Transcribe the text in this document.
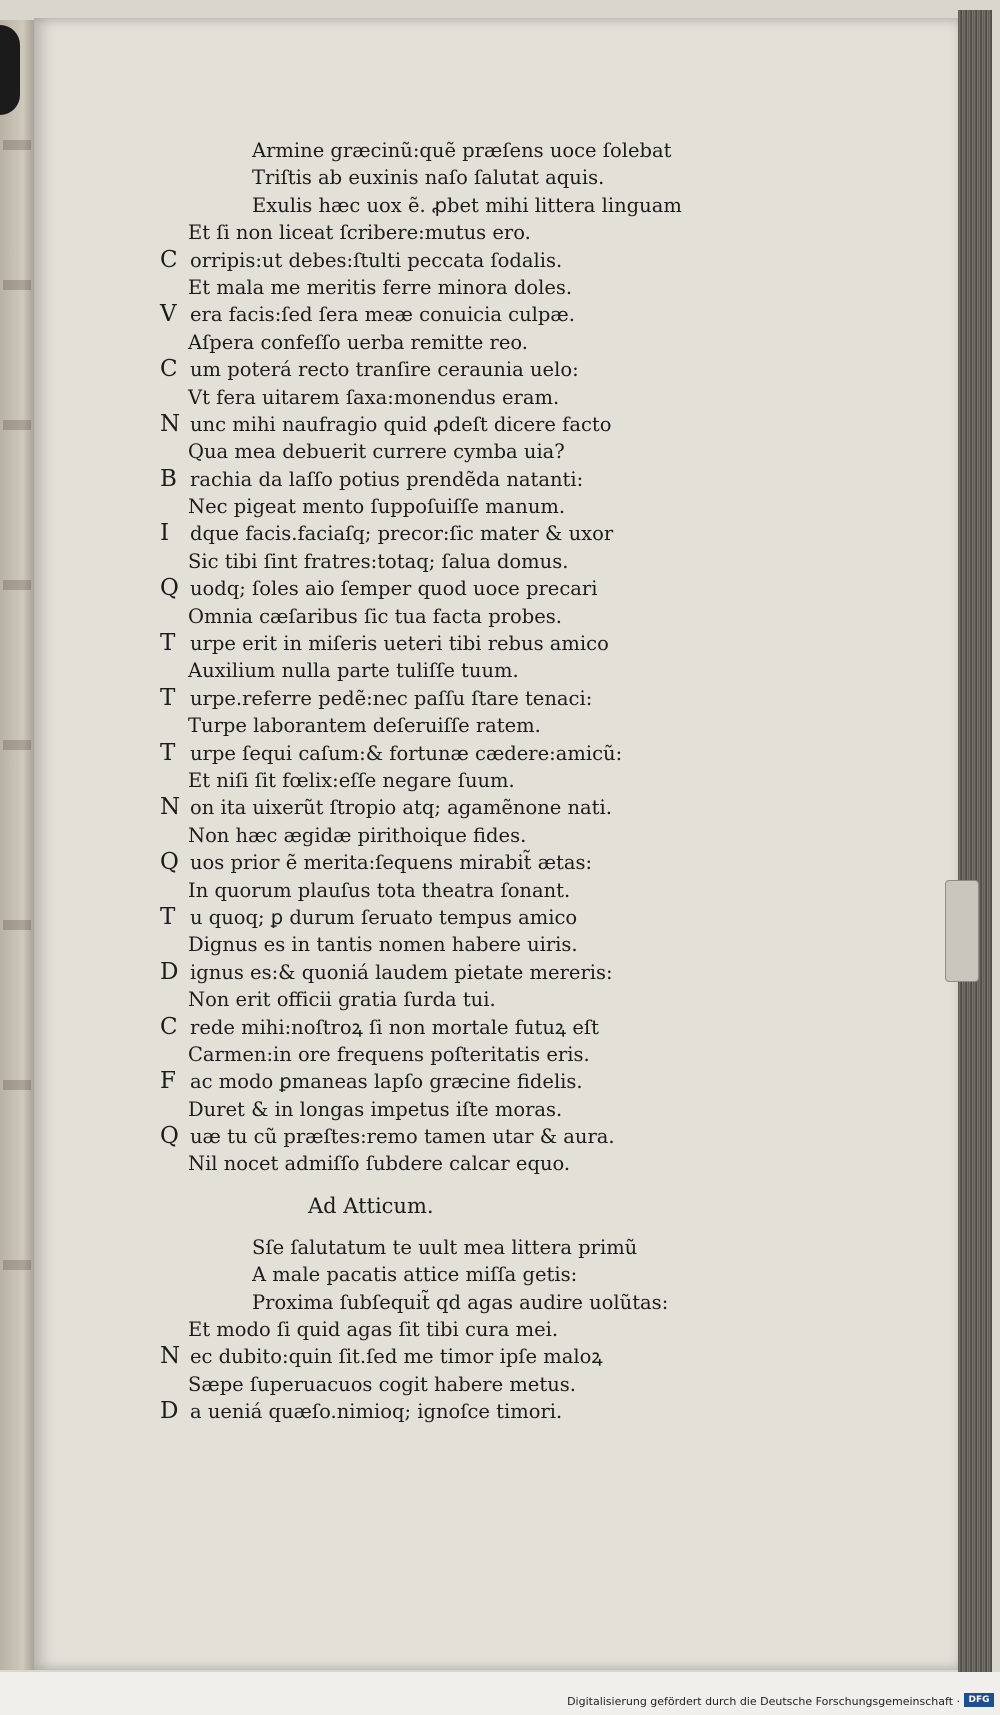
Armine græcinũ:quẽ præſens uoce ſolebat
Triſtis ab euxinis naſo ſalutat aquis.
Exulis hæc uox ẽ. ꝓbet mihi littera linguam
Et ſi non liceat ſcribere:mutus ero.
C orripis:ut debes:ſtulti peccata ſodalis.
Et mala me meritis ferre minora doles.
V era facis:ſed ſera meæ conuicia culpæ.
Aſpera confeſſo uerba remitte reo.
C um poterá recto tranſire ceraunia uelo:
Vt fera uitarem ſaxa:monendus eram.
N unc mihi naufragio quid ꝓdeſt dicere facto
Qua mea debuerit currere cymba uia?
B rachia da laſſo potius prendẽda natanti:
Nec pigeat mento ſuppoſuiſſe manum.
I	dque facis.faciaſq; precor:ſic mater & uxor
Sic tibi ſint fratres:totaq; ſalua domus.
Q uodq; ſoles aio ſemper quod uoce precari
Omnia cæſaribus ſic tua facta probes.
T urpe erit in miſeris ueteri tibi rebus amico
Auxilium nulla parte tuliſſe tuum.
T urpe.referre pedẽ:nec paſſu ſtare tenaci:
Turpe laborantem deſeruiſſe ratem.
T urpe ſequi caſum:& fortunæ cædere:amicũ:
Et niſi ſit fœlix:eſſe negare ſuum.
N on ita uixerũt ſtropio atq; agamẽnone nati.
Non hæc ægidæ pirithoique fides.
Q uos prior ẽ merita:ſequens mirabit̃ ætas:
In quorum plauſus tota theatra ſonant.
T u quoq; ꝑ durum ſeruato tempus amico
Dignus es in tantis nomen habere uiris.
D ignus es:& quoniá laudem pietate mereris:
Non erit officii gratia ſurda tui.
C rede mihi:noſtroꝝ ſi non mortale futuꝝ eſt
Carmen:in ore frequens poſteritatis eris.
F ac modo ꝑmaneas lapſo græcine fidelis.
Duret & in longas impetus iſte moras.
Q uæ tu cũ præſtes:remo tamen utar & aura.
Nil nocet admiſſo ſubdere calcar equo.
Ad Atticum.
Sſe ſalutatum te uult mea littera primũ
A male pacatis attice miſſa getis:
Proxima ſubſequit̃ qd agas audire uolũtas:
Et modo ſi quid agas ſit tibi cura mei.
N ec dubito:quin ſit.ſed me timor ipſe maloꝝ
Sæpe ſuperuacuos cogit habere metus.
D a ueniá quæſo.nimioq; ignoſce timori.
Digitalisierung gefördert durch die Deutsche Forschungsgemeinschaft · DFG
